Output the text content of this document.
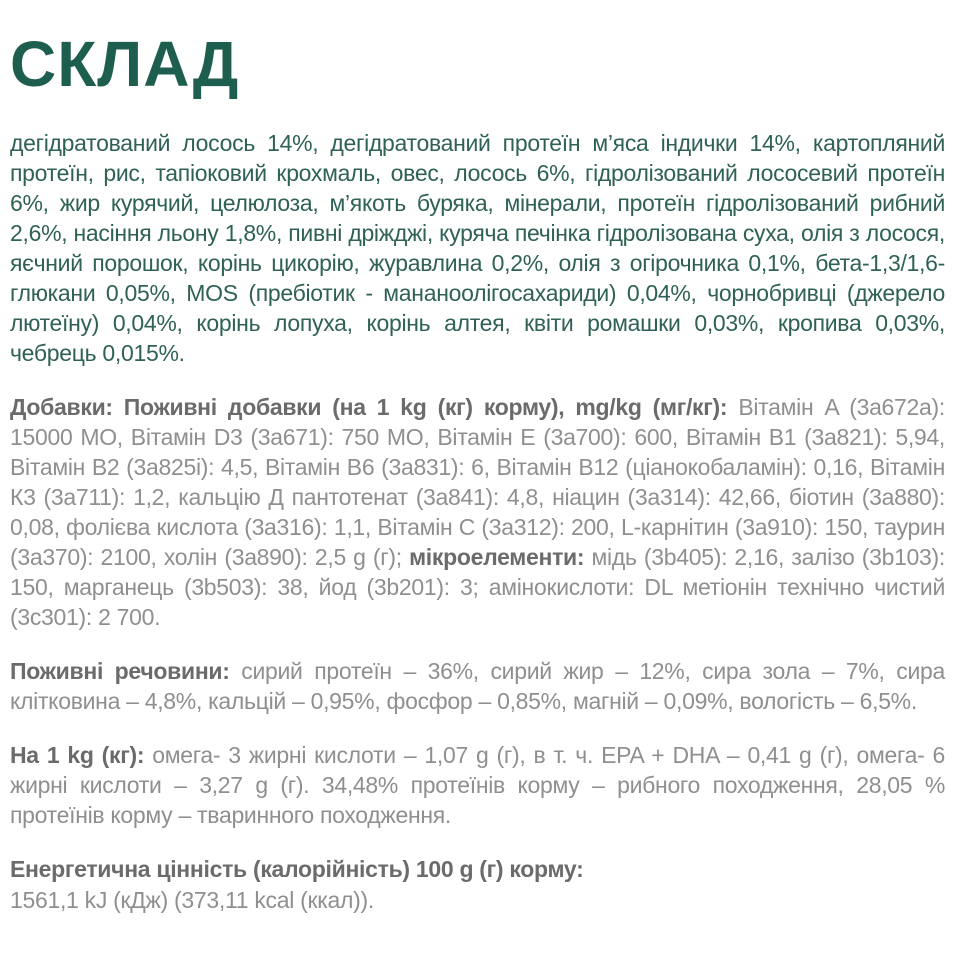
СКЛАД

дегідратований лосось 14%, дегідратований протеїн м’яса індички 14%, картопляний протеїн, рис, тапіоковий крохмаль, овес, лосось 6%, гідролізований лососевий протеїн 6%, жир курячий, целюлоза, м’якоть буряка, мінерали, протеїн гідролізований рибний 2,6%, насіння льону 1,8%, пивні дріжджі, куряча печінка гідролізована суха, олія з лосося, яєчний порошок, корінь цикорію, журавлина 0,2%, олія з огірочника 0,1%, бета-1,3/1,6-глюкани 0,05%, MOS (пребіотик - мананоолігосахариди) 0,04%, чорнобривці (джерело лютеїну) 0,04%, корінь лопуха, корінь алтея, квіти ромашки 0,03%, кропива 0,03%, чебрець 0,015%.

Добавки: Поживні добавки (на 1 kg (кг) корму), mg/kg (мг/кг): Вітамін A (3a672a): 15000 МО, Вітамін D3 (3a671): 750 МО, Вітамін E (3a700): 600, Вітамін B1 (3a821): 5,94, Вітамін B2 (3a825i): 4,5, Вітамін B6 (3a831): 6, Вітамін B12 (ціанокобаламін): 0,16, Вітамін К3 (3a711): 1,2, кальцію Д пантотенат (3a841): 4,8, ніацин (3a314): 42,66, біотин (3a880): 0,08, фолієва кислота (3a316): 1,1, Вітамін C (3a312): 200, L-карнітин (3a910): 150, таурин (3a370): 2100, холін (3a890): 2,5 g (г); мікроелементи: мідь (3b405): 2,16, залізо (3b103): 150, марганець (3b503): 38, йод (3b201): 3; амінокислоти: DL метіонін технічно чистий (3c301): 2 700.

Поживні речовини: сирий протеїн – 36%, сирий жир – 12%, сира зола – 7%, сира клітковина – 4,8%, кальцій – 0,95%, фосфор – 0,85%, магній – 0,09%, вологість – 6,5%.

На 1 kg (кг): омега- 3 жирні кислоти – 1,07 g (г), в т. ч. EPA + DHA – 0,41 g (г), омега- 6 жирні кислоти – 3,27 g (г). 34,48% протеїнів корму – рибного походження, 28,05 % протеїнів корму – тваринного походження.

Енергетична цінність (калорійність) 100 g (г) корму:
1561,1 kJ (кДж) (373,11 kcal (ккал)).
